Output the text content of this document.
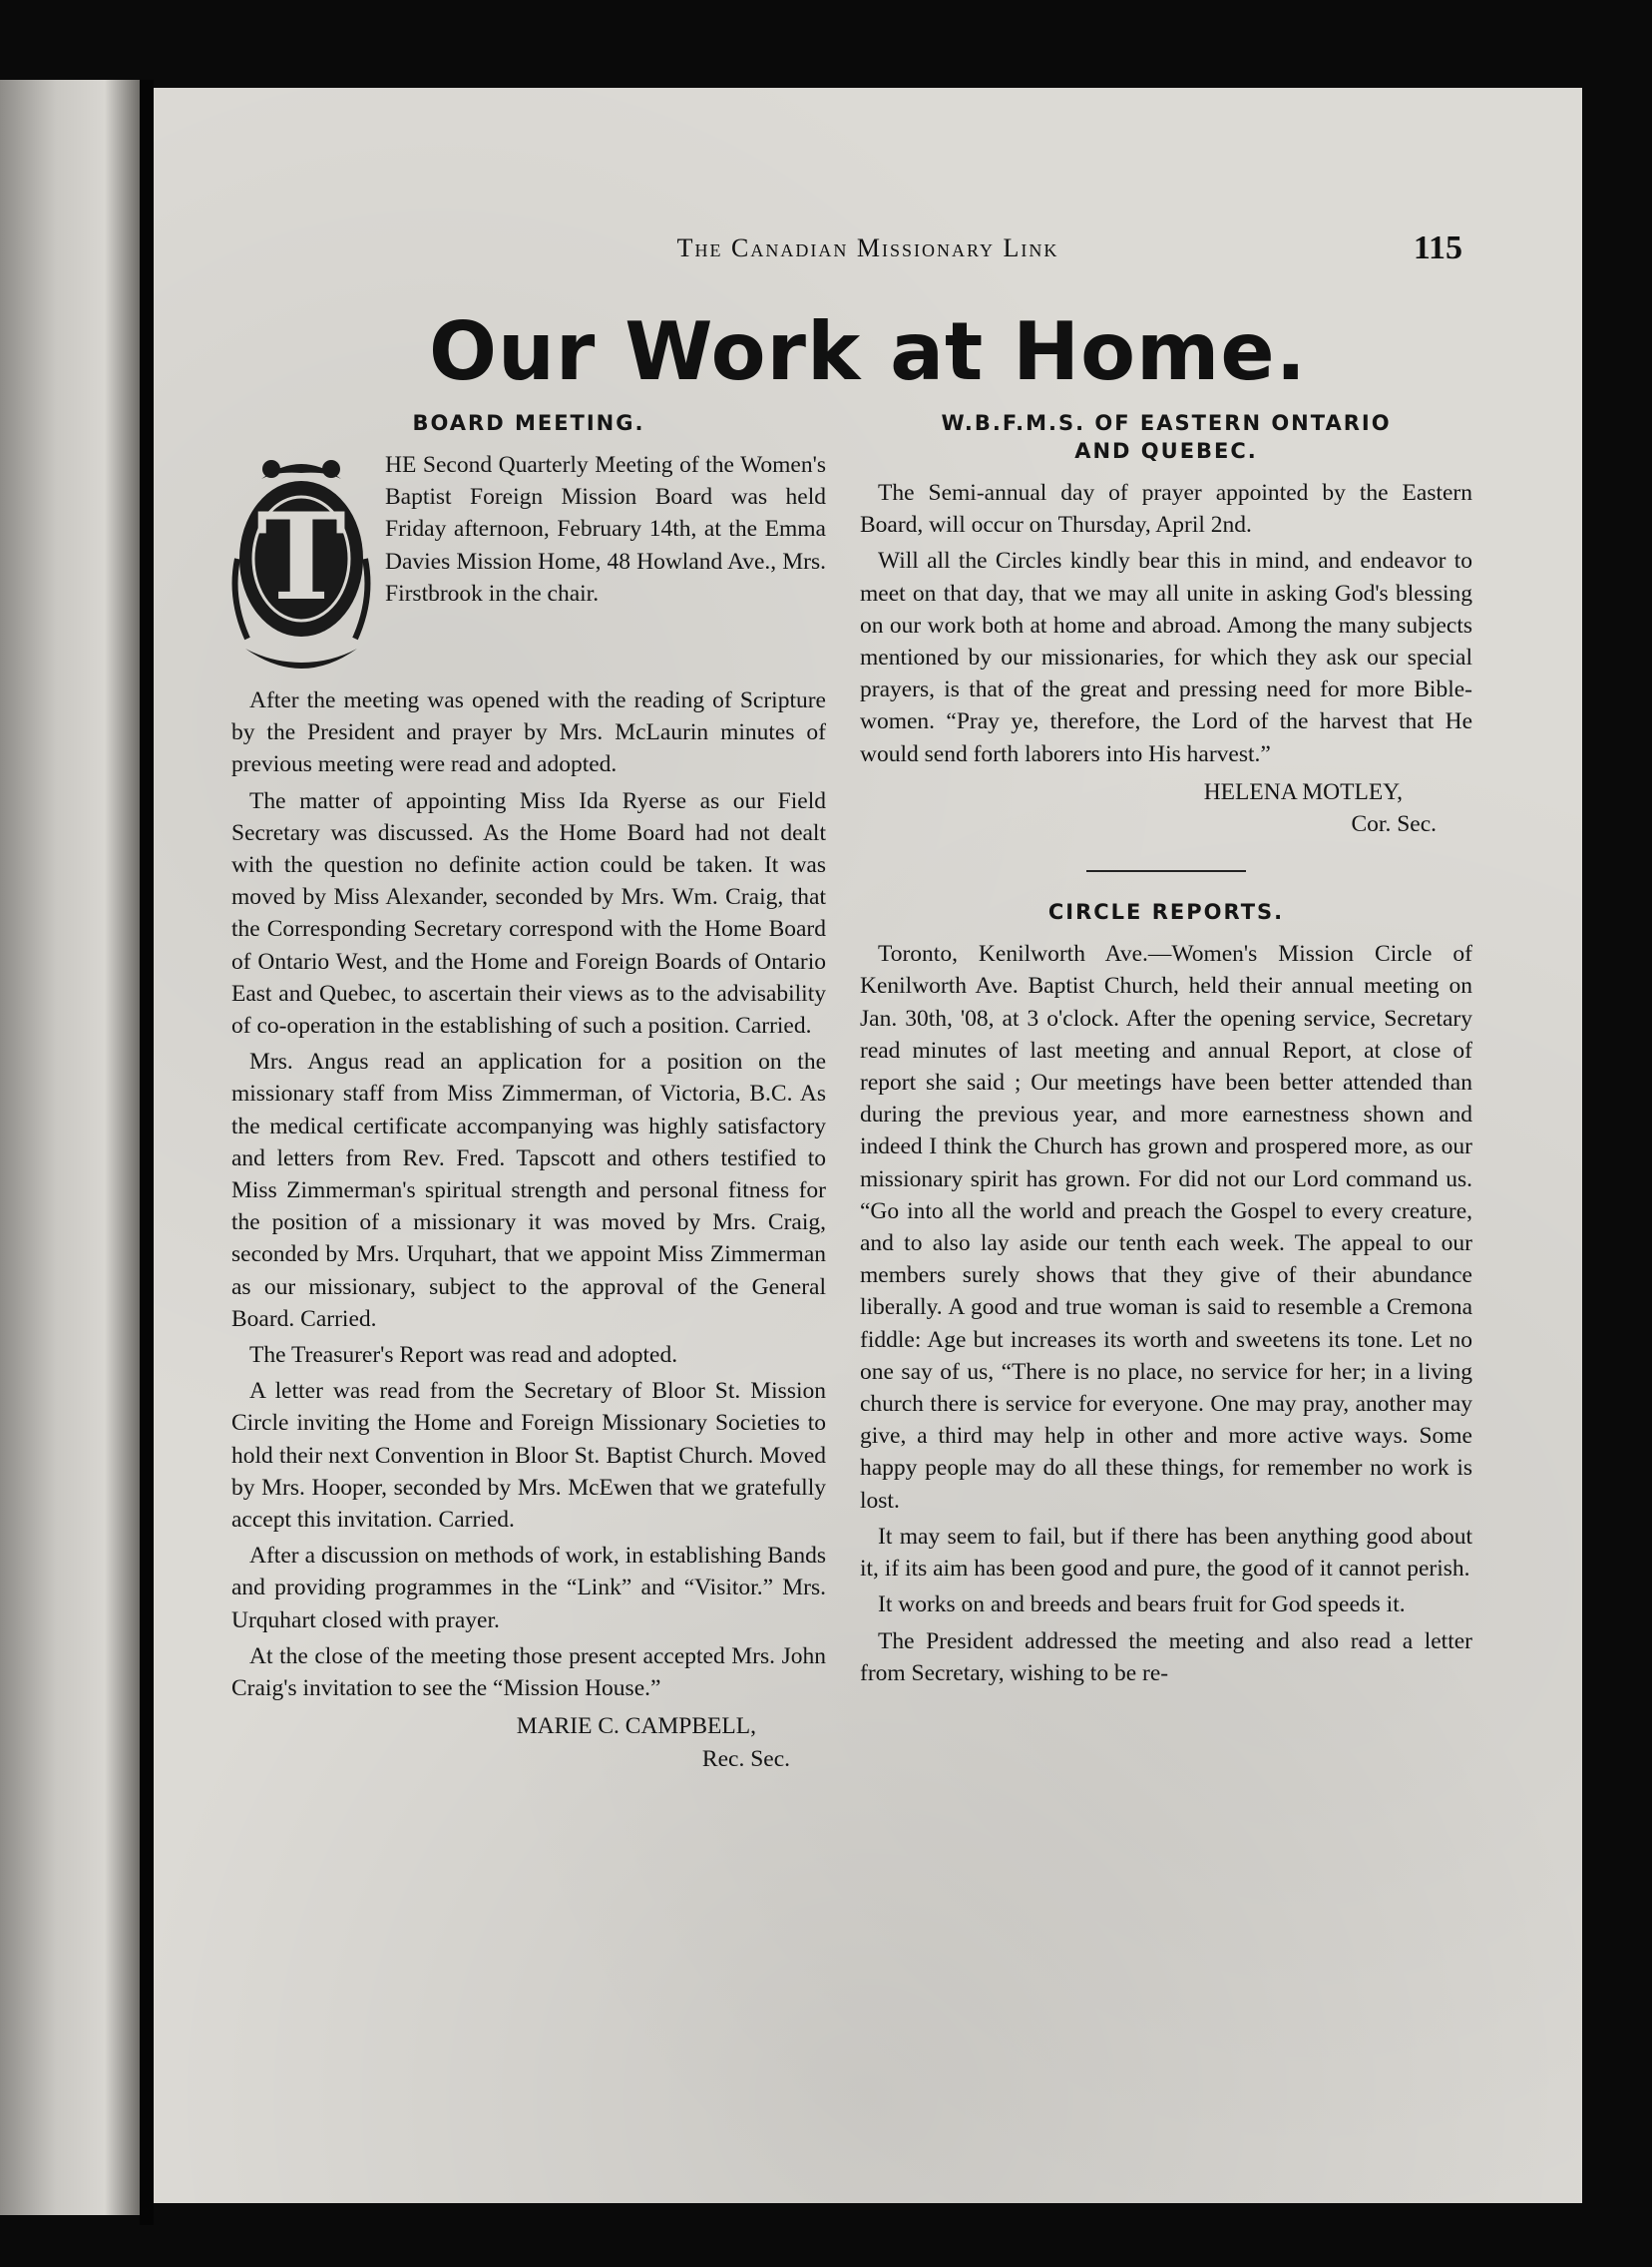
The Canadian Missionary Link	115
Our Work at Home.
BOARD MEETING.
T

HE Second Quarterly Meeting of the Women's Baptist Foreign Mission Board was held Friday afternoon, February 14th, at the Emma Davies Mission Home, 48 Howland Ave., Mrs. Firstbrook in the chair.

After the meeting was opened with the reading of Scripture by the President and prayer by Mrs. McLaurin minutes of previous meeting were read and adopted.

The matter of appointing Miss Ida Ryerse as our Field Secretary was discussed. As the Home Board had not dealt with the question no definite action could be taken. It was moved by Miss Alexander, seconded by Mrs. Wm. Craig, that the Corresponding Secretary correspond with the Home Board of Ontario West, and the Home and Foreign Boards of Ontario East and Quebec, to ascertain their views as to the advisability of co-operation in the establishing of such a position. Carried.

Mrs. Angus read an application for a position on the missionary staff from Miss Zimmerman, of Victoria, B.C. As the medical certificate accompanying was highly satisfactory and letters from Rev. Fred. Tapscott and others testified to Miss Zimmerman's spiritual strength and personal fitness for the position of a missionary it was moved by Mrs. Craig, seconded by Mrs. Urquhart, that we appoint Miss Zimmerman as our missionary, subject to the approval of the General Board. Carried.

The Treasurer's Report was read and adopted.

A letter was read from the Secretary of Bloor St. Mission Circle inviting the Home and Foreign Missionary Societies to hold their next Convention in Bloor St. Baptist Church. Moved by Mrs. Hooper, seconded by Mrs. McEwen that we gratefully accept this invitation. Carried.

After a discussion on methods of work, in establishing Bands and providing programmes in the “Link” and “Visitor.” Mrs. Urquhart closed with prayer.

At the close of the meeting those present accepted Mrs. John Craig's invitation to see the “Mission House.”

MARIE C. CAMPBELL,
Rec. Sec.
W.B.F.M.S. OF EASTERN ONTARIO
AND QUEBEC.

The Semi-annual day of prayer appointed by the Eastern Board, will occur on Thursday, April 2nd.

Will all the Circles kindly bear this in mind, and endeavor to meet on that day, that we may all unite in asking God's blessing on our work both at home and abroad. Among the many subjects mentioned by our missionaries, for which they ask our special prayers, is that of the great and pressing need for more Bible-women. “Pray ye, therefore, the Lord of the harvest that He would send forth laborers into His harvest.”

HELENA MOTLEY,
Cor. Sec.
CIRCLE REPORTS.

Toronto, Kenilworth Ave.—Women's Mission Circle of Kenilworth Ave. Baptist Church, held their annual meeting on Jan. 30th, '08, at 3 o'clock. After the opening service, Secretary read minutes of last meeting and annual Report, at close of report she said ; Our meetings have been better attended than during the previous year, and more earnestness shown and indeed I think the Church has grown and prospered more, as our missionary spirit has grown. For did not our Lord command us. “Go into all the world and preach the Gospel to every creature, and to also lay aside our tenth each week. The appeal to our members surely shows that they give of their abundance liberally. A good and true woman is said to resemble a Cremona fiddle: Age but increases its worth and sweetens its tone. Let no one say of us, “There is no place, no service for her; in a living church there is service for everyone. One may pray, another may give, a third may help in other and more active ways. Some happy people may do all these things, for remember no work is lost.

It may seem to fail, but if there has been anything good about it, if its aim has been good and pure, the good of it cannot perish.

It works on and breeds and bears fruit for God speeds it.

The President addressed the meeting and also read a letter from Secretary, wishing to be re-
